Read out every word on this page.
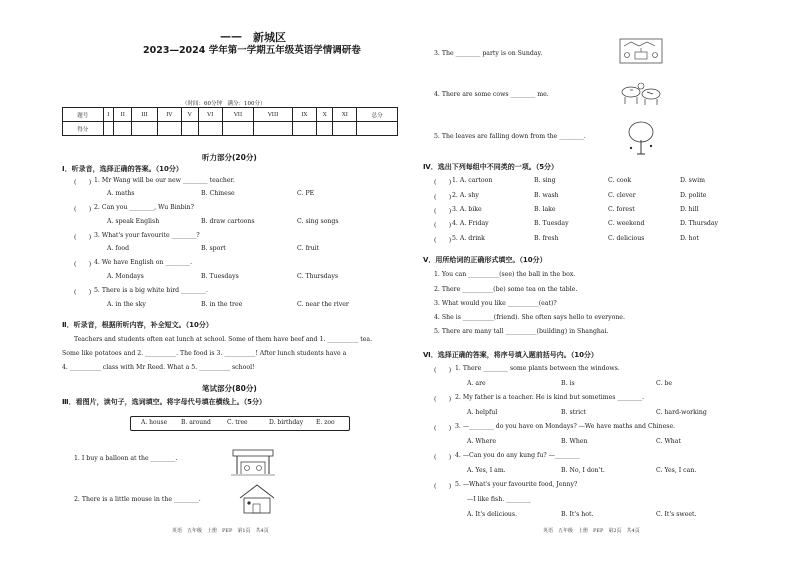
—— 新城区
2023—2024 学年第一学期五年级英语学情调研卷
（时间：60分钟　满分：100分）
题号	I	II	III	IV	V	VI	VII	VIII	IX	X	XI	总分
得分												
听力部分(20分)
Ⅰ．听录音，选择正确的答案。（10分）
(　　) 1. Mr Wang will be our new ________ teacher.
A. maths	B. Chinese	C. PE
(　　) 2. Can you ________, Wu Binbin?
A. speak English	B. draw cartoons	C. sing songs
(　　) 3. What's your favourite ________?
A. food	B. sport	C. fruit
(　　) 4. We have English on ________.
A. Mondays	B. Tuesdays	C. Thursdays
(　　) 5. There is a big white bird ________.
A. in the sky	B. in the tree	C. near the river
Ⅱ．听录音，根据所听内容，补全短文。（10分）
Teachers and students often eat lunch at school. Some of them have beef and 1. __________ tea.
Some like potatoes and 2. __________. The food is 3. __________! After lunch students have a
4. __________ class with Mr Reed. What a 5. __________ school!
笔试部分(80分)
Ⅲ．看图片，读句子，选词填空。将字母代号填在横线上。（5分）
A. house B. around	C. tree	D. birthday E. zoo
1. I buy a balloon at the ________.
2. There is a little mouse in the ________.
英语　五年级　上册　PEP　第1页　共4页
3. The ________ party is on Sunday.
4. There are some cows ________ me.
5. The leaves are falling down from the ________.
Ⅳ．选出下列每组中不同类的一项。（5分）
(　　) 1. A. cartoon	B. sing	C. cook	D. swim
(　　) 2. A. shy	B. wash	C. clever	D. polite
(　　) 3. A. bike	B. lake	C. forest	D. hill
(　　) 4. A. Friday	B. Tuesday	C. weekend	D. Thursday
(　　) 5. A. drink	B. fresh	C. delicious	D. hot
Ⅴ．用所给词的正确形式填空。（10分）
1. You can __________(see) the ball in the box.
2. There __________(be) some tea on the table.
3. What would you like __________(eat)?
4. She is __________(friend). She often says hello to everyone.
5. There are many tall __________(building) in Shanghai.
Ⅵ．选择正确的答案，将序号填入题前括号内。（10分）
(　　) 1. There ________ some plants between the windows.
A. are	B. is	C. be
(　　) 2. My father is a teacher. He is kind but sometimes ________.
A. helpful	B. strict	C. hard-working
(　　) 3. —________ do you have on Mondays? —We have maths and Chinese.
A. Where	B. When	C. What
(　　) 4. —Can you do any kung fu? —________
A. Yes, I am.	B. No, I don't.	C. Yes, I can.
(　　) 5. —What's your favourite food, Jenny?
—I like fish. ________
A. It's delicious.	B. It's hot.	C. It's sweet.
英语　五年级　上册　PEP　第2页　共4页
